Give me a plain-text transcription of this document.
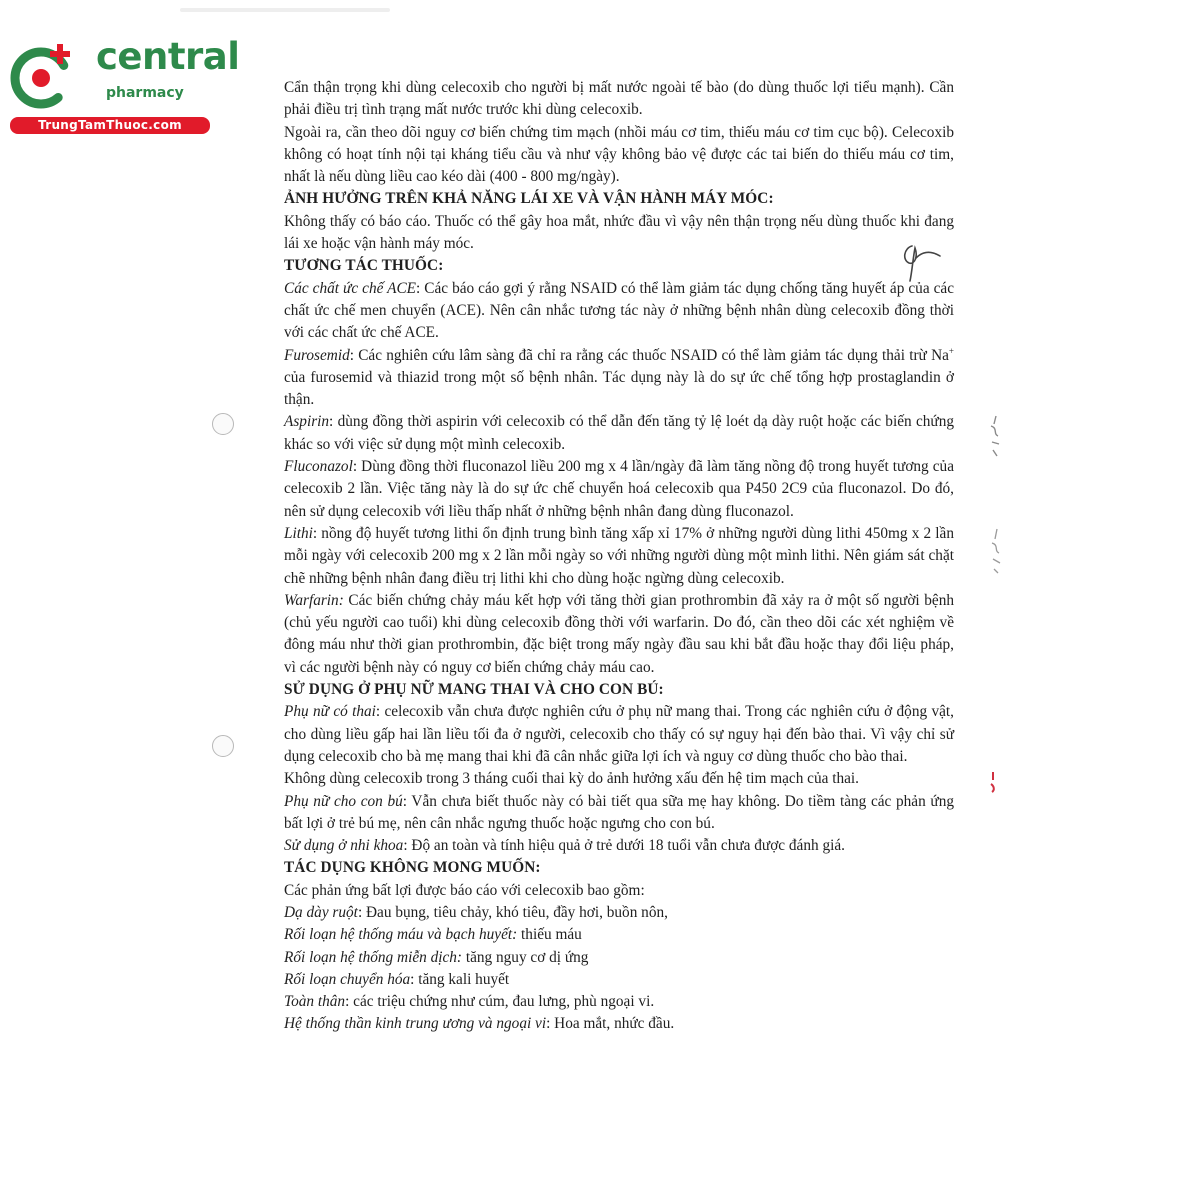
central
pharmacy
TrungTamThuoc.com

Cẩn thận trọng khi dùng celecoxib cho người bị mất nước ngoài tế bào (do dùng thuốc lợi tiểu mạnh). Cần phải điều trị tình trạng mất nước trước khi dùng celecoxib.

Ngoài ra, cần theo dõi nguy cơ biến chứng tim mạch (nhồi máu cơ tim, thiếu máu cơ tim cục bộ). Celecoxib không có hoạt tính nội tại kháng tiểu cầu và như vậy không bảo vệ được các tai biến do thiếu máu cơ tim, nhất là nếu dùng liều cao kéo dài (400 - 800 mg/ngày).

ẢNH HƯỞNG TRÊN KHẢ NĂNG LÁI XE VÀ VẬN HÀNH MÁY MÓC:

Không thấy có báo cáo. Thuốc có thể gây hoa mắt, nhức đầu vì vậy nên thận trọng nếu dùng thuốc khi đang lái xe hoặc vận hành máy móc.

TƯƠNG TÁC THUỐC:

Các chất ức chế ACE: Các báo cáo gợi ý rằng NSAID có thể làm giảm tác dụng chống tăng huyết áp của các chất ức chế men chuyển (ACE). Nên cân nhắc tương tác này ở những bệnh nhân dùng celecoxib đồng thời với các chất ức chế ACE.

Furosemid: Các nghiên cứu lâm sàng đã chỉ ra rằng các thuốc NSAID có thể làm giảm tác dụng thải trừ Na+ của furosemid và thiazid trong một số bệnh nhân. Tác dụng này là do sự ức chế tổng hợp prostaglandin ở thận.

Aspirin: dùng đồng thời aspirin với celecoxib có thể dẫn đến tăng tỷ lệ loét dạ dày ruột hoặc các biến chứng khác so với việc sử dụng một mình celecoxib.

Fluconazol: Dùng đồng thời fluconazol liều 200 mg x 4 lần/ngày đã làm tăng nồng độ trong huyết tương của celecoxib 2 lần. Việc tăng này là do sự ức chế chuyển hoá celecoxib qua P450 2C9 của fluconazol. Do đó, nên sử dụng celecoxib với liều thấp nhất ở những bệnh nhân đang dùng fluconazol.

Lithi: nồng độ huyết tương lithi ổn định trung bình tăng xấp xỉ 17% ở những người dùng lithi 450mg x 2 lần mỗi ngày với celecoxib 200 mg x 2 lần mỗi ngày so với những người dùng một mình lithi. Nên giám sát chặt chẽ những bệnh nhân đang điều trị lithi khi cho dùng hoặc ngừng dùng celecoxib.

Warfarin: Các biến chứng chảy máu kết hợp với tăng thời gian prothrombin đã xảy ra ở một số người bệnh (chủ yếu người cao tuổi) khi dùng celecoxib đồng thời với warfarin. Do đó, cần theo dõi các xét nghiệm về đông máu như thời gian prothrombin, đặc biệt trong mấy ngày đầu sau khi bắt đầu hoặc thay đổi liệu pháp, vì các người bệnh này có nguy cơ biến chứng chảy máu cao.

SỬ DỤNG Ở PHỤ NỮ MANG THAI VÀ CHO CON BÚ:

Phụ nữ có thai: celecoxib vẫn chưa được nghiên cứu ở phụ nữ mang thai. Trong các nghiên cứu ở động vật, cho dùng liều gấp hai lần liều tối đa ở người, celecoxib cho thấy có sự nguy hại đến bào thai. Vì vậy chỉ sử dụng celecoxib cho bà mẹ mang thai khi đã cân nhắc giữa lợi ích và nguy cơ dùng thuốc cho bào thai.

Không dùng celecoxib trong 3 tháng cuối thai kỳ do ảnh hưởng xấu đến hệ tim mạch của thai.

Phụ nữ cho con bú: Vẫn chưa biết thuốc này có bài tiết qua sữa mẹ hay không. Do tiềm tàng các phản ứng bất lợi ở trẻ bú mẹ, nên cân nhắc ngưng thuốc hoặc ngưng cho con bú.

Sử dụng ở nhi khoa: Độ an toàn và tính hiệu quả ở trẻ dưới 18 tuổi vẫn chưa được đánh giá.

TÁC DỤNG KHÔNG MONG MUỐN:

Các phản ứng bất lợi được báo cáo với celecoxib bao gồm:

Dạ dày ruột: Đau bụng, tiêu chảy, khó tiêu, đầy hơi, buồn nôn,

Rối loạn hệ thống máu và bạch huyết: thiếu máu

Rối loạn hệ thống miễn dịch: tăng nguy cơ dị ứng

Rối loạn chuyển hóa: tăng kali huyết

Toàn thân: các triệu chứng như cúm, đau lưng, phù ngoại vi.

Hệ thống thần kinh trung ương và ngoại vi: Hoa mắt, nhức đầu.
